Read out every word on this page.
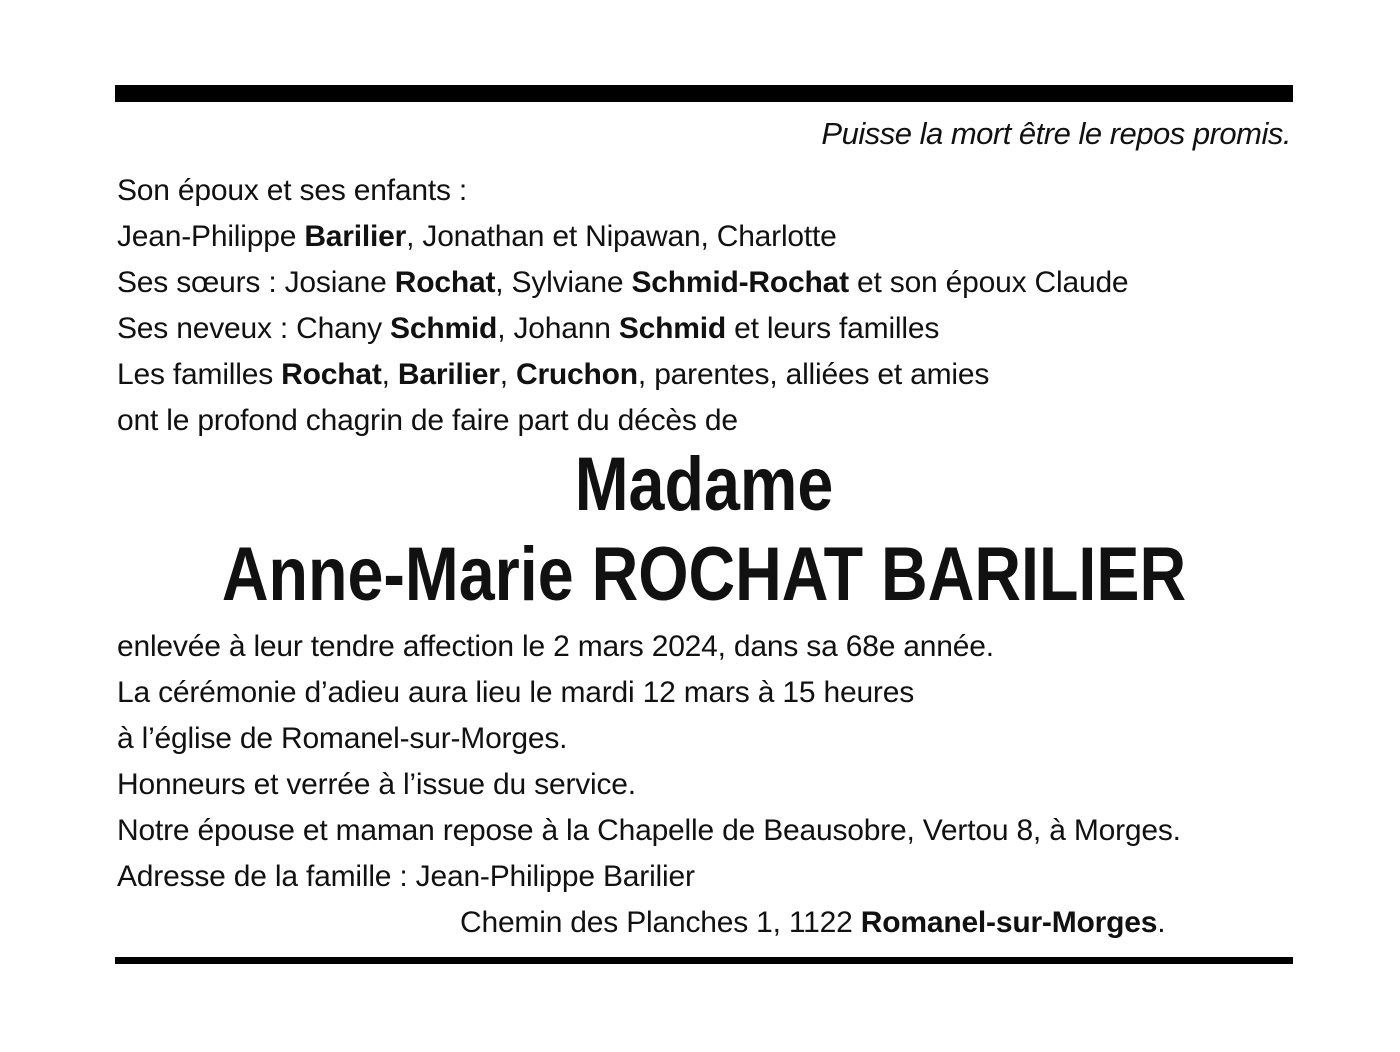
Puisse la mort être le repos promis.
Son époux et ses enfants :
Jean-Philippe Barilier, Jonathan et Nipawan, Charlotte
Ses sœurs : Josiane Rochat, Sylviane Schmid-Rochat et son époux Claude
Ses neveux : Chany Schmid, Johann Schmid et leurs familles
Les familles Rochat, Barilier, Cruchon, parentes, alliées et amies
ont le profond chagrin de faire part du décès de
Madame
Anne-Marie ROCHAT BARILIER
enlevée à leur tendre affection le 2 mars 2024, dans sa 68e année.
La cérémonie d’adieu aura lieu le mardi 12 mars à 15 heures
à l’église de Romanel-sur-Morges.
Honneurs et verrée à l’issue du service.
Notre épouse et maman repose à la Chapelle de Beausobre, Vertou 8, à Morges.
Adresse de la famille : Jean-Philippe Barilier
Chemin des Planches 1, 1122 Romanel-sur-Morges.
